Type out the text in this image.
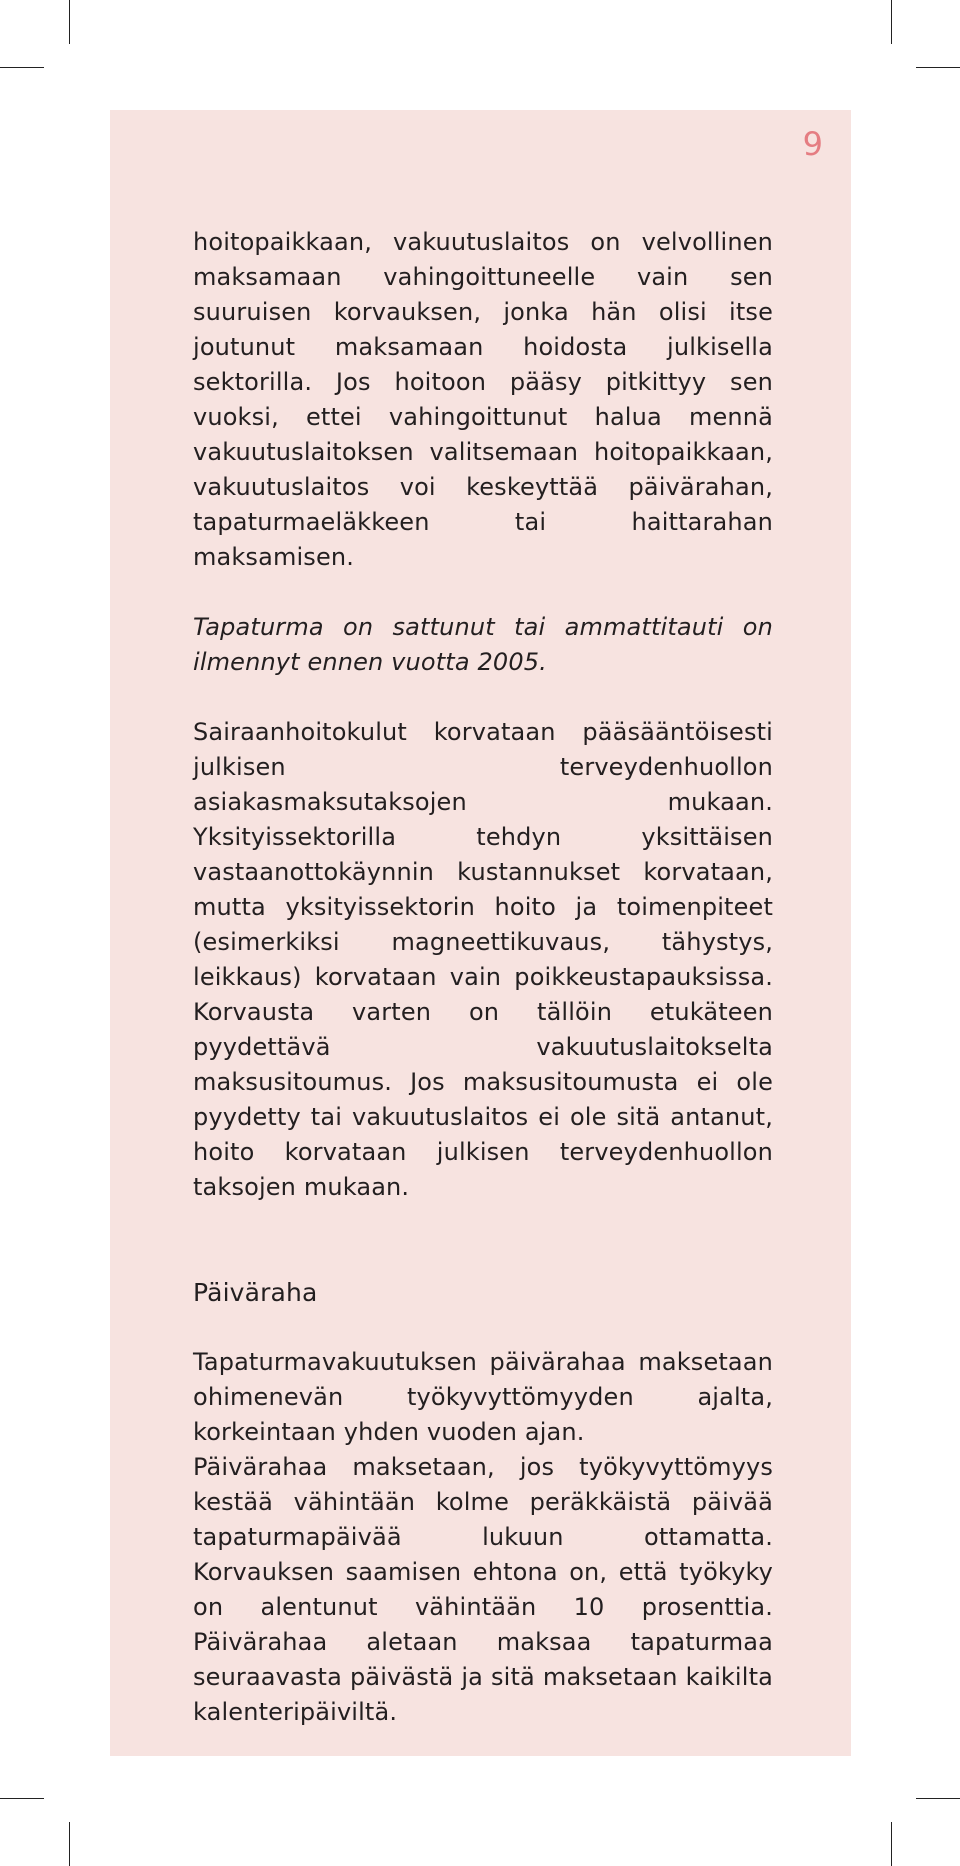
9

hoitopaikkaan, vakuutuslaitos on velvollinen maksamaan vahingoittuneelle vain sen suuruisen korvauksen, jonka hän olisi itse joutunut maksamaan hoidosta julkisella sektorilla. Jos hoitoon pääsy pitkittyy sen vuoksi, ettei vahingoittunut halua mennä vakuutuslaitoksen valitsemaan hoitopaikkaan, vakuutuslaitos voi keskeyttää päivärahan, tapaturmaeläkkeen tai haittarahan maksamisen.

Tapaturma on sattunut tai ammattitauti on ilmennyt ennen vuotta 2005.

Sairaanhoitokulut korvataan pääsääntöisesti julkisen terveydenhuollon asiakasmaksutaksojen mukaan. Yksityissektorilla tehdyn yksittäisen vastaanottokäynnin kustannukset korvataan, mutta yksityissektorin hoito ja toimenpiteet (esimerkiksi magneettikuvaus, tähystys, leikkaus) korvataan vain poikkeustapauksissa. Korvausta varten on tällöin etukäteen pyydettävä vakuutuslaitokselta maksusitoumus. Jos maksusitoumusta ei ole pyydetty tai vakuutuslaitos ei ole sitä antanut, hoito korvataan julkisen terveydenhuollon taksojen mukaan.

Päiväraha

Tapaturmavakuutuksen päivärahaa maksetaan ohimenevän työkyvyttömyyden ajalta, korkeintaan yhden vuoden ajan.

Päivärahaa maksetaan, jos työkyvyttömyys kestää vähintään kolme peräkkäistä päivää tapaturmapäivää lukuun ottamatta. Korvauksen saamisen ehtona on, että työkyky on alentunut vähintään 10 prosenttia. Päivärahaa aletaan maksaa tapaturmaa seuraavasta päivästä ja sitä maksetaan kaikilta kalenteripäiviltä.
